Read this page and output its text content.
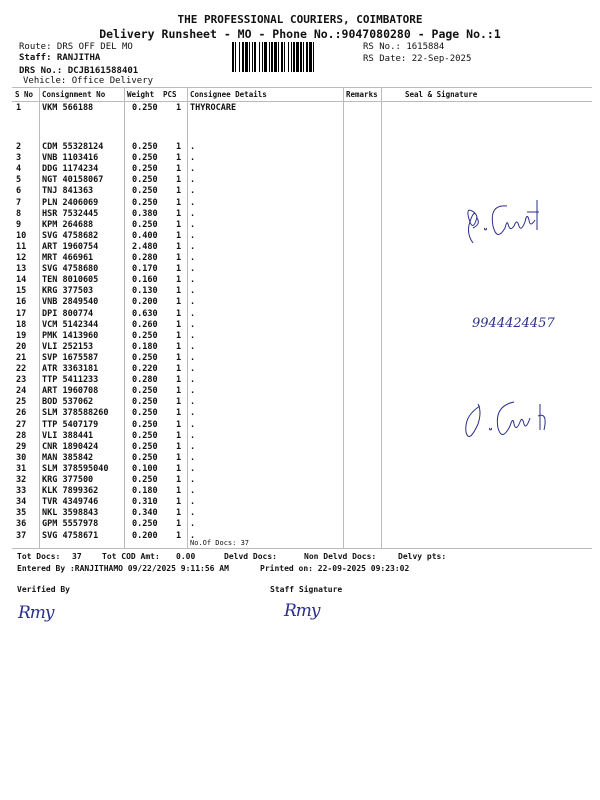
THE PROFESSIONAL COURIERS, COIMBATORE
Delivery Runsheet - MO - Phone No.:9047080280 - Page No.:1
Route: DRS OFF DEL MO
Staff: RANJITHA
DRS No.: DCJB161588401
Vehicle: Office Delivery
RS No.: 1615884
RS Date: 22-Sep-2025
S No Consignment No	Weight PCS Consignee Details	Remarks	Seal & Signature
1 VKM 566188	0.250 1 THYROCARE
2 CDM 55328124	0.250 1 .
3 VNB 1103416	0.250 1 .
4 DDG 1174234	0.250 1 .
5 NGT 40158067	0.250 1 .
6 TNJ 841363	0.250 1 .
7 PLN 2406069	0.250 1 .
8 HSR 7532445	0.380 1 .
9 KPM 264688	0.250 1 .
10 SVG 4758682	0.400 1 .
11 ART 1960754	2.480 1 .
12 MRT 466961	0.280 1 .
13 SVG 4758680	0.170 1 .
14 TEN 8010605	0.160 1 .
15 KRG 377503	0.130 1 .
16 VNB 2849540	0.200 1 .
17 DPI 800774	0.630 1 .
18 VCM 5142344	0.260 1 .
19 PMK 1413960	0.250 1 .
20 VLI 252153	0.180 1 .
21 SVP 1675587	0.250 1 .
22 ATR 3363181	0.220 1 .
23 TTP 5411233	0.280 1 .
24 ART 1960708	0.250 1 .
25 BOD 537062	0.250 1 .
26 SLM 378588260	0.250 1 .
27 TTP 5407179	0.250 1 .
28 VLI 388441	0.250 1 .
29 CNR 1890424	0.250 1 .
30 MAN 385842	0.250 1 .
31 SLM 378595040	0.100 1 .
32 KRG 377500	0.250 1 .
33 KLK 7899362	0.180 1 .
34 TVR 4349746	0.310 1 .
35 NKL 3598843	0.340 1 .
36 GPM 5557978	0.250 1 .
37 SVG 4758671	0.200 1 .
No.Of Docs: 37
9944424457
Tot Docs: 37	Tot COD Amt: 0.00	Delvd Docs:	Non Delvd Docs:	Delvy pts:
Entered By :RANJITHAMO 09/22/2025 9:11:56 AM	Printed on: 22-09-2025 09:23:02
Verified By	Staff Signature
Rmy	Rmy
